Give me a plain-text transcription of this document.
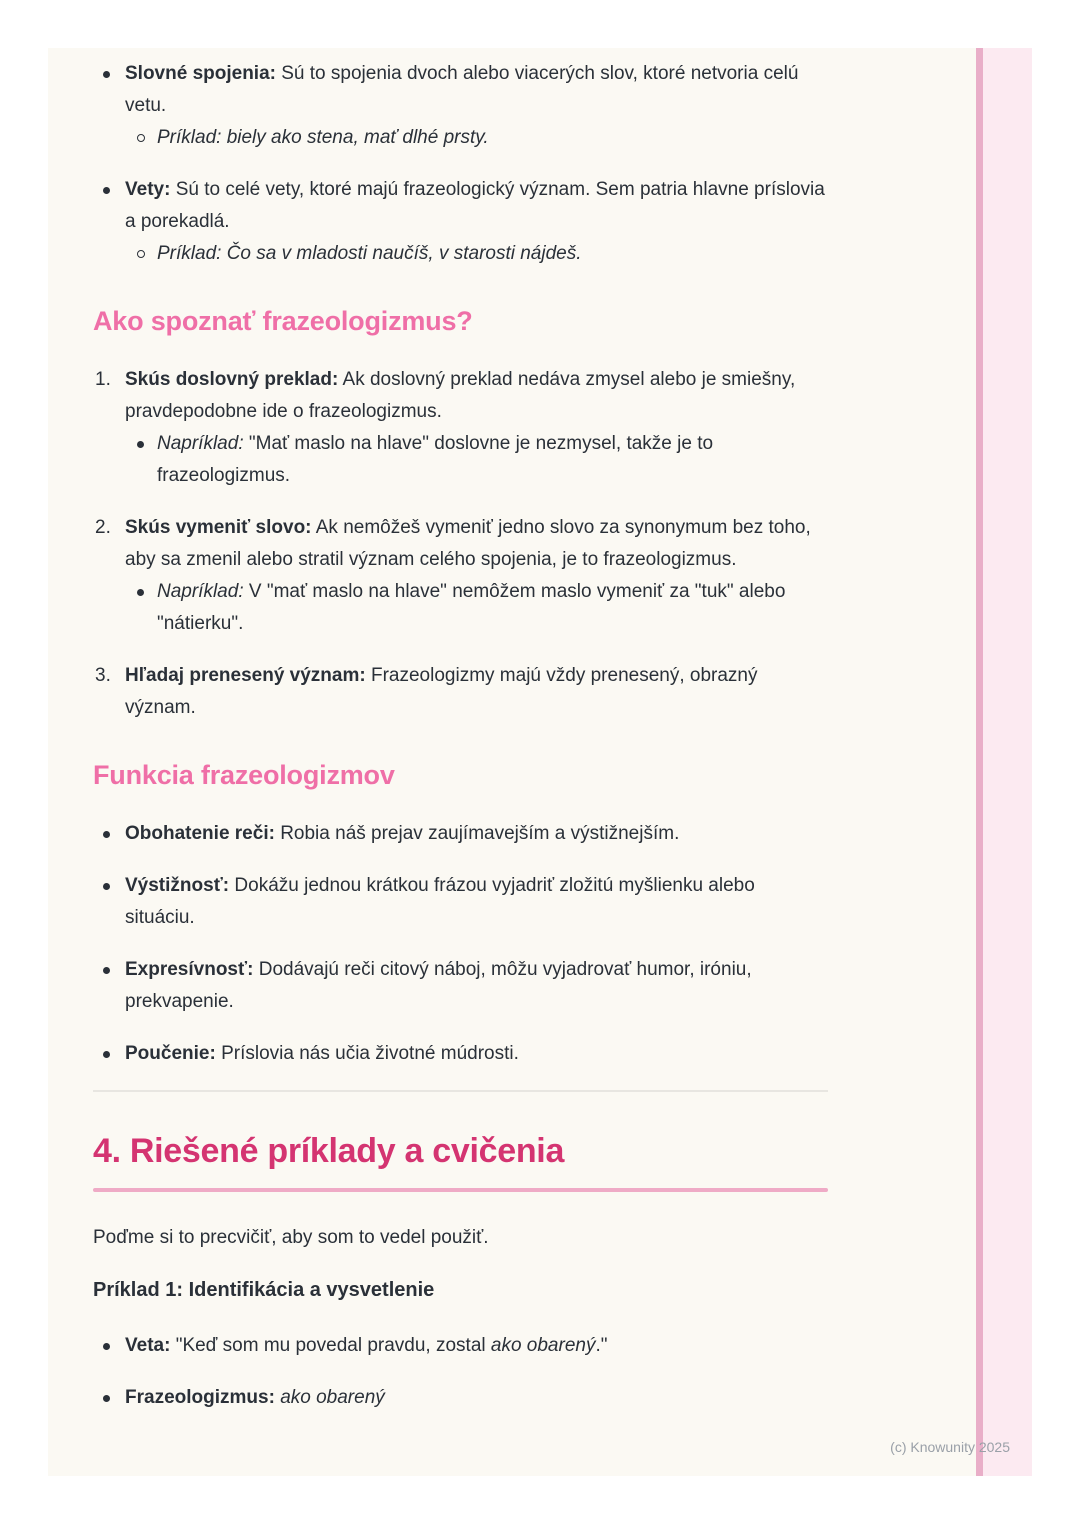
Slovné spojenia: Sú to spojenia dvoch alebo viacerých slov, ktoré netvoria celú vetu.
Príklad: biely ako stena, mať dlhé prsty.
Vety: Sú to celé vety, ktoré majú frazeologický význam. Sem patria hlavne príslovia a porekadlá.
Príklad: Čo sa v mladosti naučíš, v starosti nájdeš.
Ako spoznať frazeologizmus?
1. Skús doslovný preklad: Ak doslovný preklad nedáva zmysel alebo je smiešny, pravdepodobne ide o frazeologizmus.
Napríklad: "Mať maslo na hlave" doslovne je nezmysel, takže je to frazeologizmus.
2. Skús vymeniť slovo: Ak nemôžeš vymeniť jedno slovo za synonymum bez toho, aby sa zmenil alebo stratil význam celého spojenia, je to frazeologizmus.
Napríklad: V "mať maslo na hlave" nemôžem maslo vymeniť za "tuk" alebo "nátierku".
3. Hľadaj prenesený význam: Frazeologizmy majú vždy prenesený, obrazný význam.
Funkcia frazeologizmov
Obohatenie reči: Robia náš prejav zaujímavejším a výstižnejším.
Výstižnosť: Dokážu jednou krátkou frázou vyjadriť zložitú myšlienku alebo situáciu.
Expresívnosť: Dodávajú reči citový náboj, môžu vyjadrovať humor, iróniu, prekvapenie.
Poučenie: Príslovia nás učia životné múdrosti.
4. Riešené príklady a cvičenia

Poďme si to precvičiť, aby som to vedel použiť.

Príklad 1: Identifikácia a vysvetlenie
Veta: "Keď som mu povedal pravdu, zostal ako obarený."
Frazeologizmus: ako obarený
(c) Knowunity 2025
